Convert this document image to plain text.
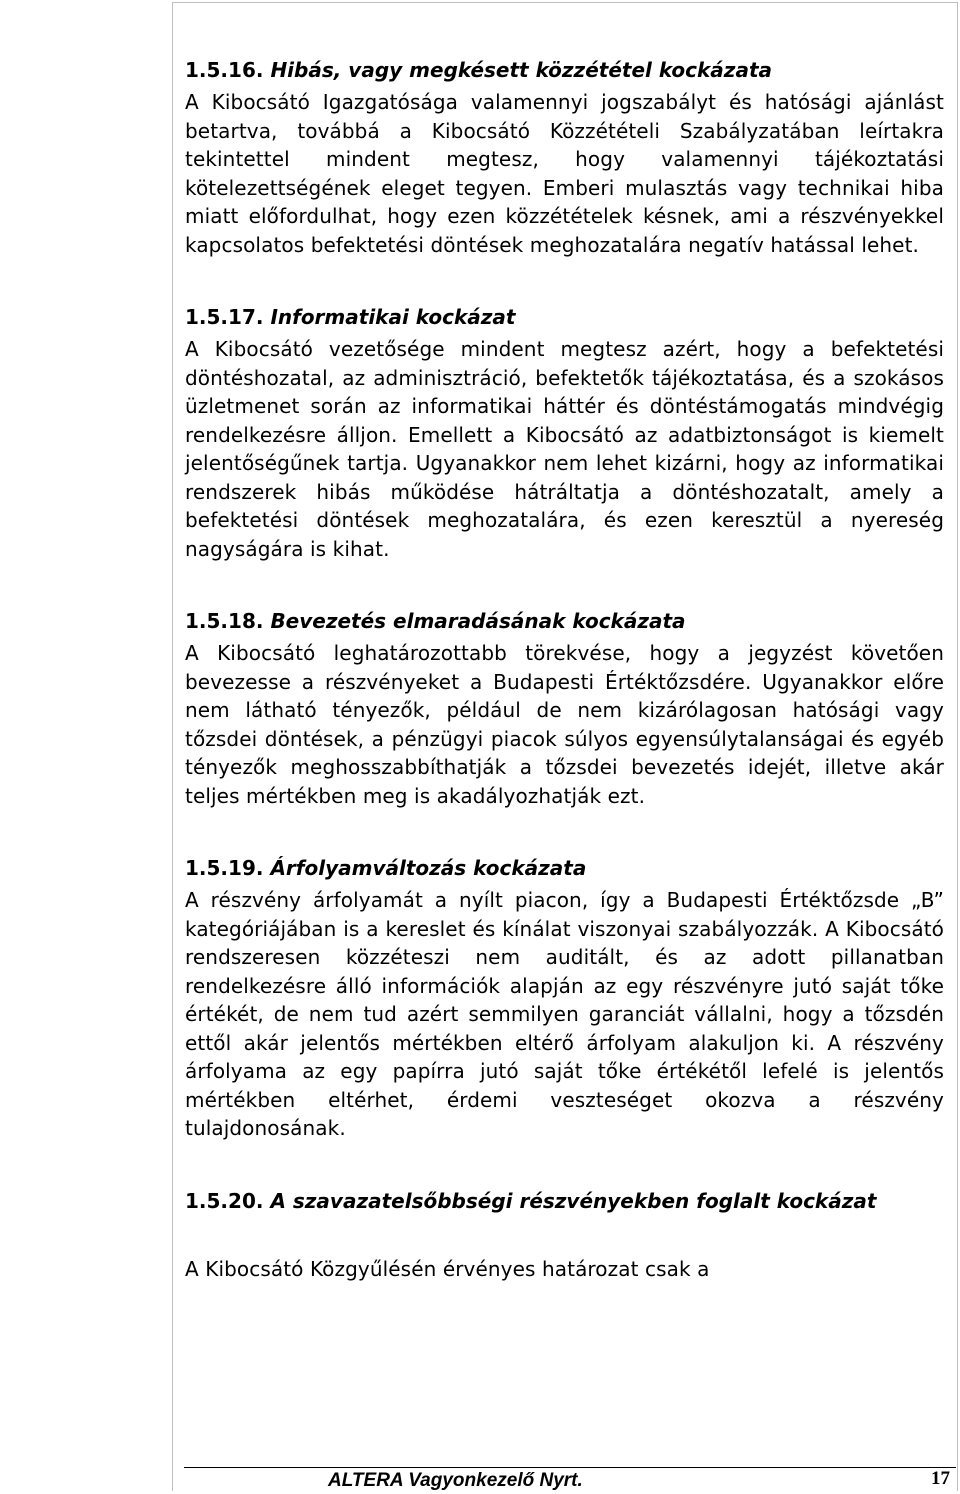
1.5.16. Hibás, vagy megkésett közzététel kockázata

A Kibocsátó Igazgatósága valamennyi jogszabályt és hatósági ajánlást betartva, továbbá a Kibocsátó Közzétételi Szabályzatában leírtakra tekintettel mindent megtesz, hogy valamennyi tájékoztatási kötelezettségének eleget tegyen. Emberi mulasztás vagy technikai hiba miatt előfordulhat, hogy ezen közzétételek késnek, ami a részvényekkel kapcsolatos befektetési döntések meghozatalára negatív hatással lehet.

1.5.17. Informatikai kockázat

A Kibocsátó vezetősége mindent megtesz azért, hogy a befektetési döntéshozatal, az adminisztráció, befektetők tájékoztatása, és a szokásos üzletmenet során az informatikai háttér és döntéstámogatás mindvégig rendelkezésre álljon. Emellett a Kibocsátó az adatbiztonságot is kiemelt jelentőségűnek tartja. Ugyanakkor nem lehet kizárni, hogy az informatikai rendszerek hibás működése hátráltatja a döntéshozatalt, amely a befektetési döntések meghozatalára, és ezen keresztül a nyereség nagyságára is kihat.

1.5.18. Bevezetés elmaradásának kockázata

A Kibocsátó leghatározottabb törekvése, hogy a jegyzést követően bevezesse a részvényeket a Budapesti Értéktőzsdére. Ugyanakkor előre nem látható tényezők, például de nem kizárólagosan hatósági vagy tőzsdei döntések, a pénzügyi piacok súlyos egyensúlytalanságai és egyéb tényezők meghosszabbíthatják a tőzsdei bevezetés idejét, illetve akár teljes mértékben meg is akadályozhatják ezt.

1.5.19. Árfolyamváltozás kockázata

A részvény árfolyamát a nyílt piacon, így a Budapesti Értéktőzsde „B” kategóriájában is a kereslet és kínálat viszonyai szabályozzák. A Kibocsátó rendszeresen közzéteszi nem auditált, és az adott pillanatban rendelkezésre álló információk alapján az egy részvényre jutó saját tőke értékét, de nem tud azért semmilyen garanciát vállalni, hogy a tőzsdén ettől akár jelentős mértékben eltérő árfolyam alakuljon ki. A részvény árfolyama az egy papírra jutó saját tőke értékétől lefelé is jelentős mértékben eltérhet, érdemi veszteséget okozva a részvény tulajdonosának.

1.5.20. A szavazatelsőbbségi részvényekben foglalt kockázat

A Kibocsátó Közgyűlésén érvényes határozat csak a

ALTERA Vagyonkezelő Nyrt.	17
